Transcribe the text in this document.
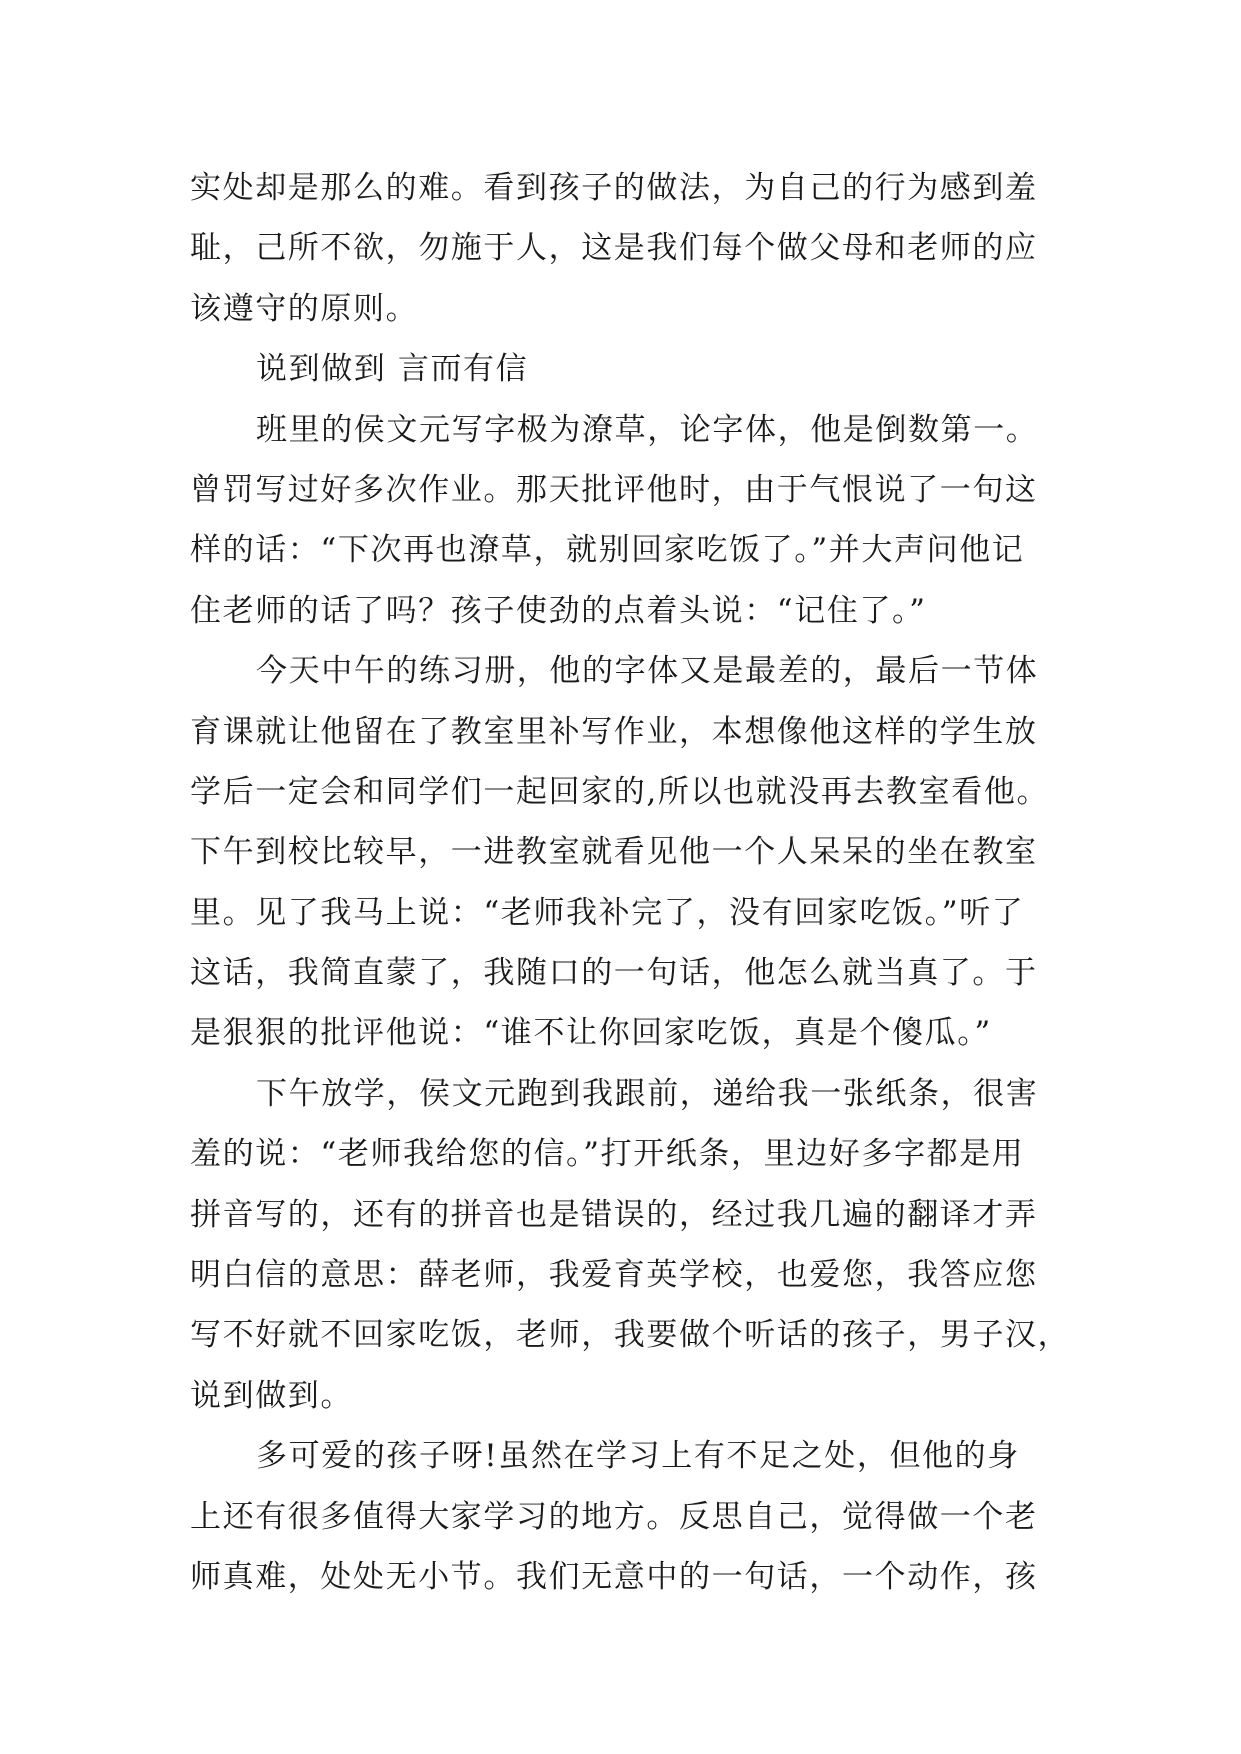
实处却是那么的难。看到孩子的做法，为自己的行为感到羞
耻，己所不欲，勿施于人，这是我们每个做父母和老师的应
该遵守的原则。
说到做到 言而有信
班里的侯文元写字极为潦草，论字体，他是倒数第一。
曾罚写过好多次作业。那天批评他时，由于气恨说了一句这
样的话：“下次再也潦草，就别回家吃饭了。”并大声问他记
住老师的话了吗？孩子使劲的点着头说：“记住了。”
今天中午的练习册，他的字体又是最差的，最后一节体
育课就让他留在了教室里补写作业，本想像他这样的学生放
学后一定会和同学们一起回家的,所以也就没再去教室看他。
下午到校比较早，一进教室就看见他一个人呆呆的坐在教室
里。见了我马上说：“老师我补完了，没有回家吃饭。”听了
这话，我简直蒙了，我随口的一句话，他怎么就当真了。于
是狠狠的批评他说：“谁不让你回家吃饭，真是个傻瓜。”
下午放学，侯文元跑到我跟前，递给我一张纸条，很害
羞的说：“老师我给您的信。”打开纸条，里边好多字都是用
拼音写的，还有的拼音也是错误的，经过我几遍的翻译才弄
明白信的意思：薛老师，我爱育英学校，也爱您，我答应您
写不好就不回家吃饭，老师，我要做个听话的孩子，男子汉，
说到做到。
多可爱的孩子呀!虽然在学习上有不足之处，但他的身
上还有很多值得大家学习的地方。反思自己，觉得做一个老
师真难，处处无小节。我们无意中的一句话，一个动作，孩
